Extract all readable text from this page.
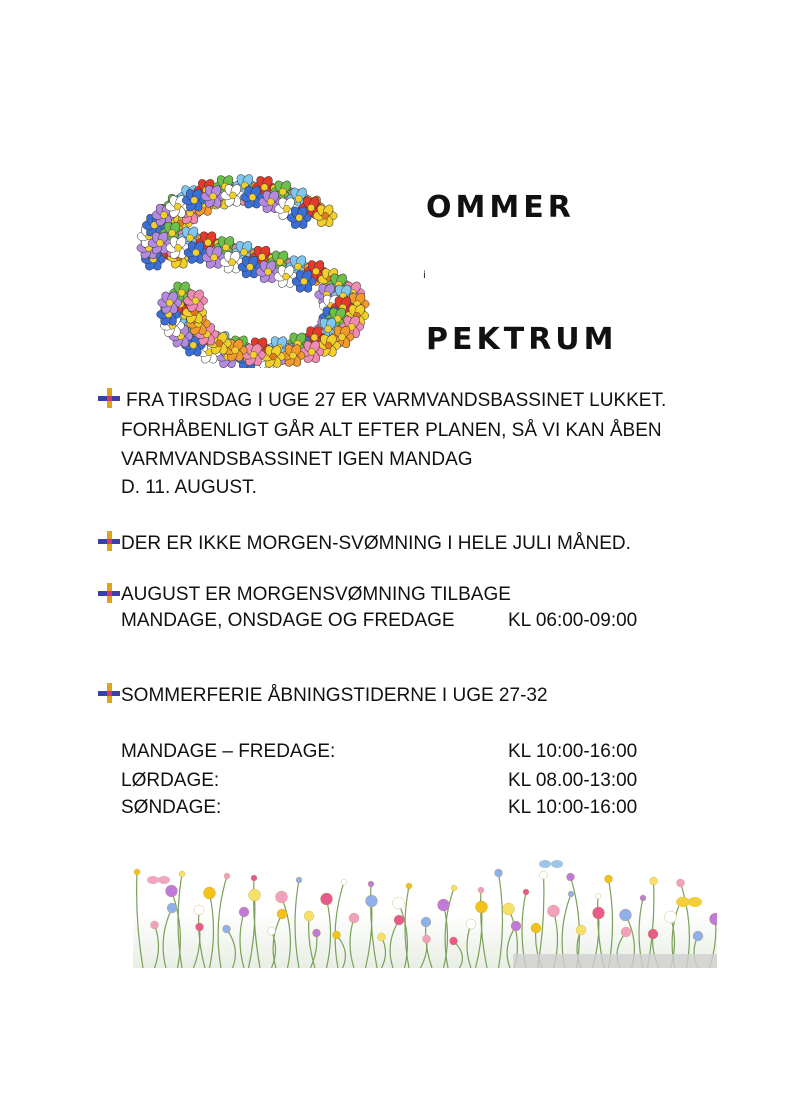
OMMER
i
PEKTRUM
FRA TIRSDAG I UGE 27 ER VARMVANDSBASSINET LUKKET.
FORHÅBENLIGT GÅR ALT EFTER PLANEN, SÅ VI KAN ÅBEN
VARMVANDSBASSINET IGEN MANDAG
D. 11. AUGUST.
DER ER IKKE MORGEN-SVØMNING I HELE JULI MÅNED.
AUGUST ER MORGENSVØMNING TILBAGE
MANDAGE, ONSDAGE OG FREDAGE	KL 06:00-09:00
SOMMERFERIE ÅBNINGSTIDERNE I UGE 27-32
MANDAGE – FREDAGE:	KL 10:00-16:00
LØRDAGE:	KL 08.00-13:00
SØNDAGE:	KL 10:00-16:00
